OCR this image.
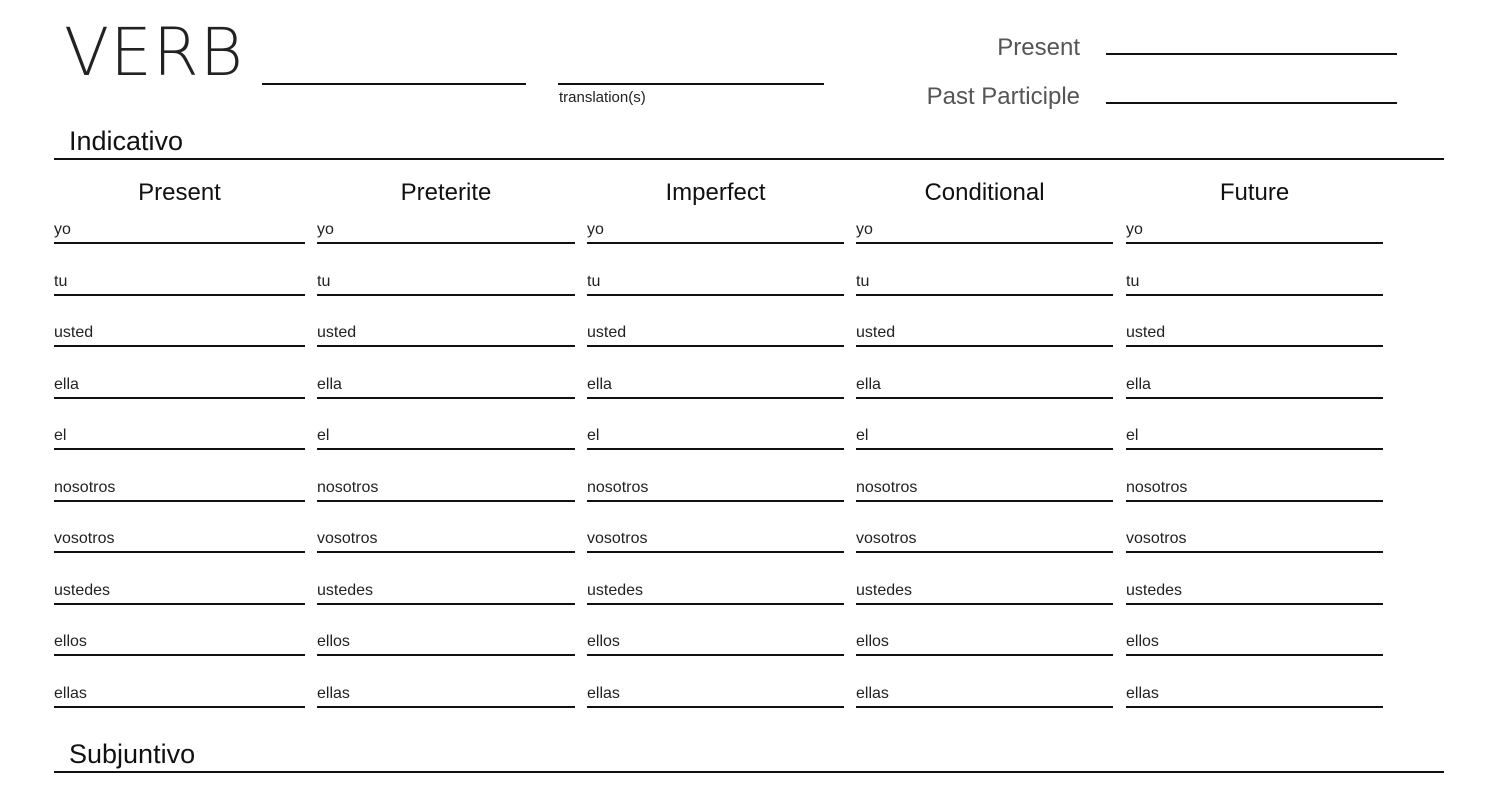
VERB
translation(s)
Present
Past Participle
Indicativo
Present
yo
tu
usted
ella
el
nosotros
vosotros
ustedes
ellos
ellas
Preterite
yo
tu
usted
ella
el
nosotros
vosotros
ustedes
ellos
ellas
Imperfect
yo
tu
usted
ella
el
nosotros
vosotros
ustedes
ellos
ellas
Conditional
yo
tu
usted
ella
el
nosotros
vosotros
ustedes
ellos
ellas
Future
yo
tu
usted
ella
el
nosotros
vosotros
ustedes
ellos
ellas
Subjuntivo
